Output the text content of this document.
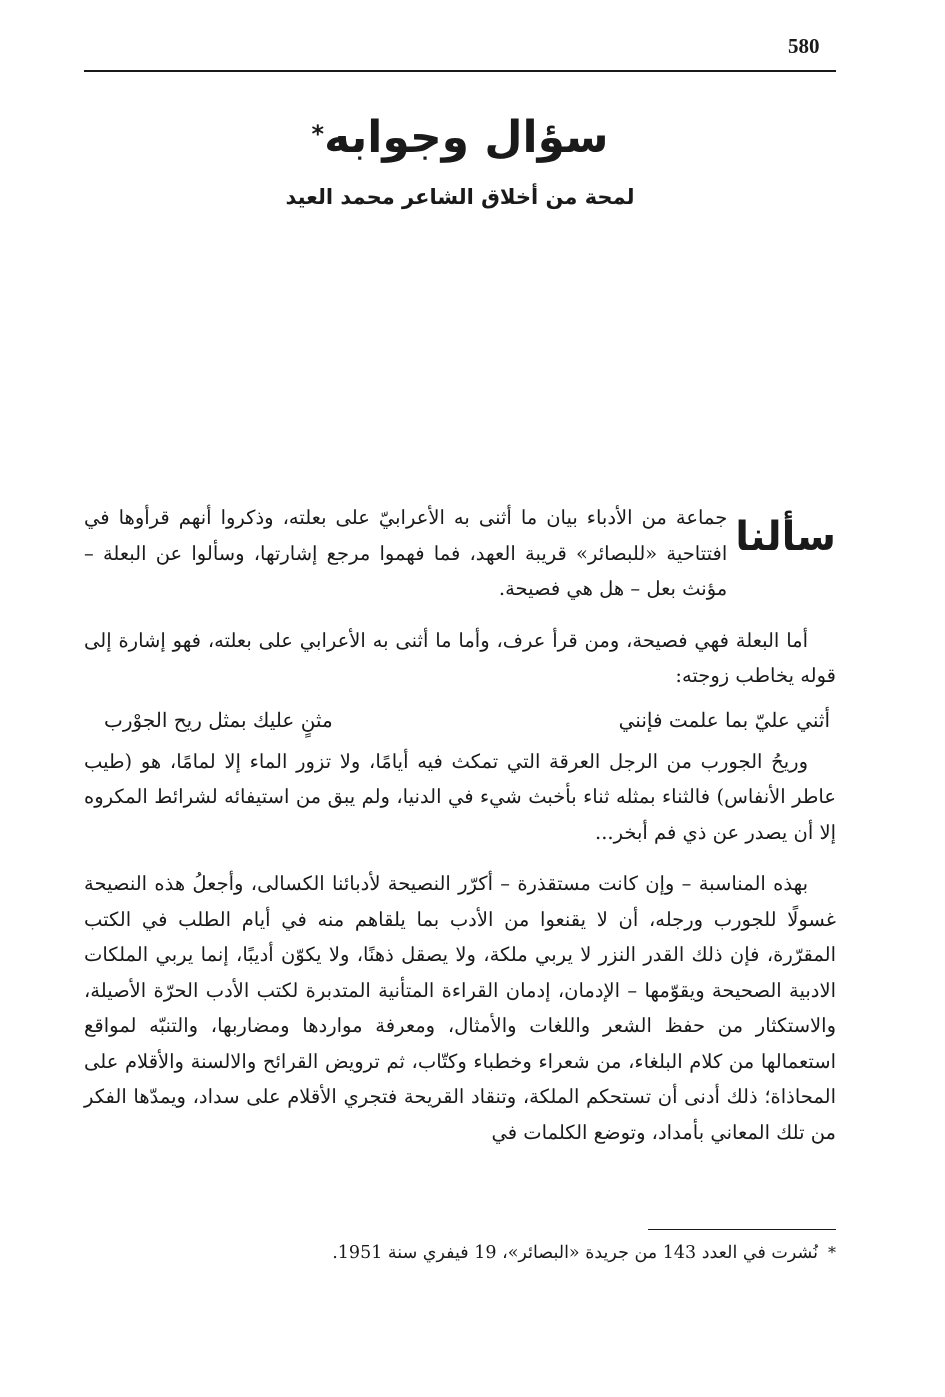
580
سؤال وجوابه*
لمحة من أخلاق الشاعر محمد العيد
سألنا
جماعة من الأدباء بيان ما أثنى به الأعرابيّ على بعلته، وذكروا أنهم قرأوها في افتتاحية «للبصائر» قريبة العهد، فما فهموا مرجع إشارتها، وسألوا عن البعلة – مؤنث بعل – هل هي فصيحة.

أما البعلة فهي فصيحة، ومن قرأ عرف، وأما ما أثنى به الأعرابي على بعلته، فهو إشارة إلى قوله يخاطب زوجته:

أثني عليّ بما علمت فإنني
مثنٍ عليك بمثل ريح الجوْرب

وريحُ الجورب من الرجل العرقة التي تمكث فيه أيامًا، ولا تزور الماء إلا لمامًا، هو (طيب عاطر الأنفاس) فالثناء بمثله ثناء بأخبث شيء في الدنيا، ولم يبق من استيفائه لشرائط المكروه إلا أن يصدر عن ذي فم أبخر...

بهذه المناسبة – وإن كانت مستقذرة – أكرّر النصيحة لأدبائنا الكسالى، وأجعلُ هذه النصيحة غسولًا للجورب ورجله، أن لا يقنعوا من الأدب بما يلقاهم منه في أيام الطلب في الكتب المقرّرة، فإن ذلك القدر النزر لا يربي ملكة، ولا يصقل ذهنًا، ولا يكوّن أديبًا، إنما يربي الملكات الادبية الصحيحة ويقوّمها – الإدمان، إدمان القراءة المتأنية المتدبرة لكتب الأدب الحرّة الأصيلة، والاستكثار من حفظ الشعر واللغات والأمثال، ومعرفة مواردها ومضاربها، والتنبّه لمواقع استعمالها من كلام البلغاء، من شعراء وخطباء وكتّاب، ثم ترويض القرائح والالسنة والأقلام على المحاذاة؛ ذلك أدنى أن تستحكم الملكة، وتنقاد القريحة فتجري الأقلام على سداد، ويمدّها الفكر من تلك المعاني بأمداد، وتوضع الكلمات في

*
نُشرت في العدد 143 من جريدة «البصائر»، 19 فيفري سنة 1951.
